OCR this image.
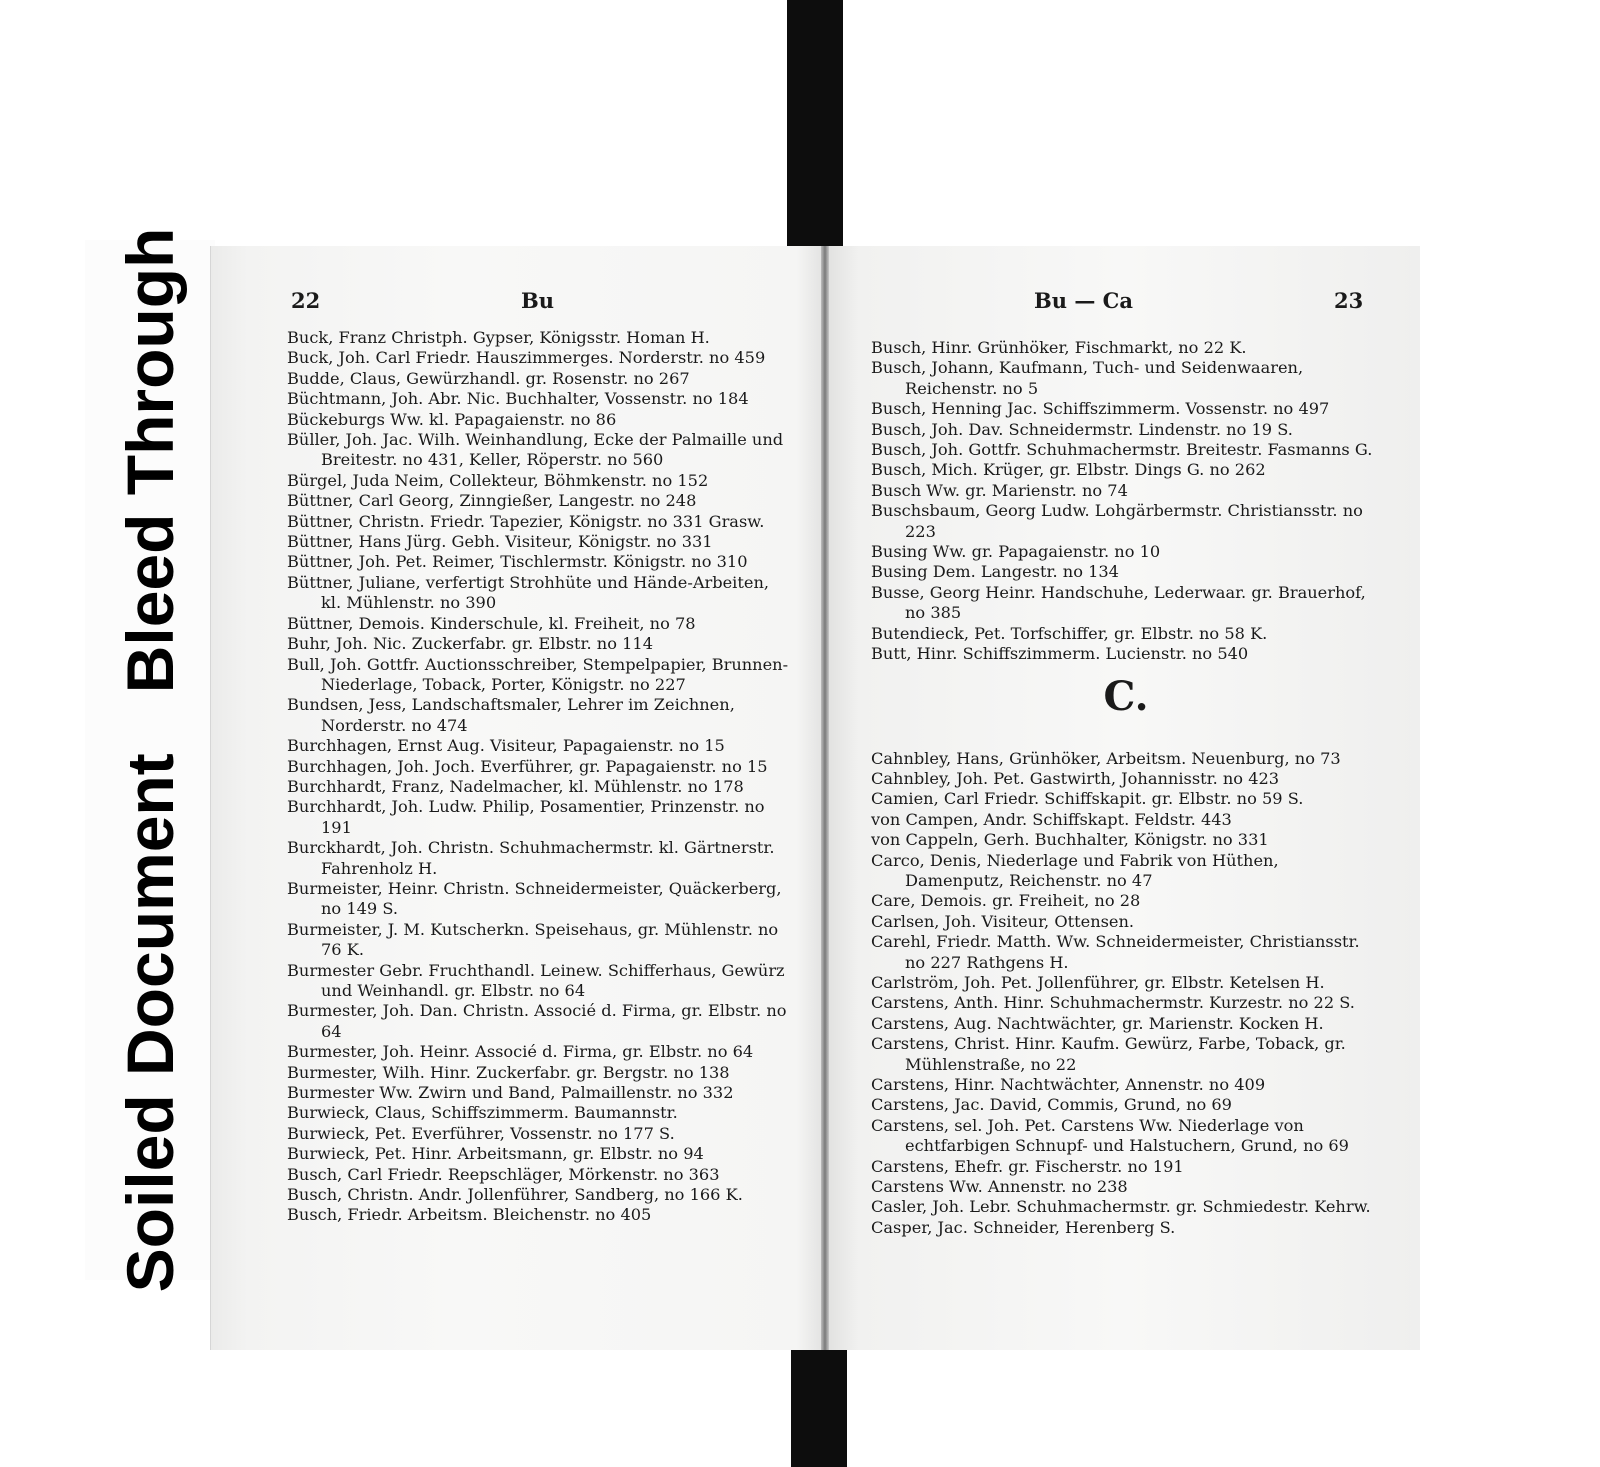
Soiled Document
Bleed Through	22	Bu
Buck, Franz Christph. Gypser, Königsstr. Homan H.
Buck, Joh. Carl Friedr. Hauszimmerges. Norderstr. no 459
Budde, Claus, Gewürzhandl. gr. Rosenstr. no 267
Büchtmann, Joh. Abr. Nic. Buchhalter, Vossenstr. no 184
Bückeburgs Ww. kl. Papagaienstr. no 86
Büller, Joh. Jac. Wilh. Weinhandlung, Ecke der Palmaille und Breitestr. no 431, Keller, Röperstr. no 560
Bürgel, Juda Neim, Collekteur, Böhmkenstr. no 152
Büttner, Carl Georg, Zinngießer, Langestr. no 248
Büttner, Christn. Friedr. Tapezier, Königstr. no 331 Grasw.
Büttner, Hans Jürg. Gebh. Visiteur, Königstr. no 331
Büttner, Joh. Pet. Reimer, Tischlermstr. Königstr. no 310
Büttner, Juliane, verfertigt Strohhüte und Hände-Arbeiten, kl. Mühlenstr. no 390
Büttner, Demois. Kinderschule, kl. Freiheit, no 78
Buhr, Joh. Nic. Zuckerfabr. gr. Elbstr. no 114
Bull, Joh. Gottfr. Auctionsschreiber, Stempelpapier, Brunnen-Niederlage, Toback, Porter, Königstr. no 227
Bundsen, Jess, Landschaftsmaler, Lehrer im Zeichnen, Norderstr. no 474
Burchhagen, Ernst Aug. Visiteur, Papagaienstr. no 15
Burchhagen, Joh. Joch. Everführer, gr. Papagaienstr. no 15
Burchhardt, Franz, Nadelmacher, kl. Mühlenstr. no 178
Burchhardt, Joh. Ludw. Philip, Posamentier, Prinzenstr. no 191
Burckhardt, Joh. Christn. Schuhmachermstr. kl. Gärtnerstr. Fahrenholz H.
Burmeister, Heinr. Christn. Schneidermeister, Quäckerberg, no 149 S.
Burmeister, J. M. Kutscherkn. Speisehaus, gr. Mühlenstr. no 76 K.
Burmester Gebr. Fruchthandl. Leinew. Schifferhaus, Gewürz und Weinhandl. gr. Elbstr. no 64
Burmester, Joh. Dan. Christn. Associé d. Firma, gr. Elbstr. no 64
Burmester, Joh. Heinr. Associé d. Firma, gr. Elbstr. no 64
Burmester, Wilh. Hinr. Zuckerfabr. gr. Bergstr. no 138
Burmester Ww. Zwirn und Band, Palmaillenstr. no 332
Burwieck, Claus, Schiffszimmerm. Baumannstr.
Burwieck, Pet. Everführer, Vossenstr. no 177 S.
Burwieck, Pet. Hinr. Arbeitsmann, gr. Elbstr. no 94
Busch, Carl Friedr. Reepschläger, Mörkenstr. no 363
Busch, Christn. Andr. Jollenführer, Sandberg, no 166 K.
Busch, Friedr. Arbeitsm. Bleichenstr. no 405
Bu — Ca	23
Busch, Hinr. Grünhöker, Fischmarkt, no 22 K.
Busch, Johann, Kaufmann, Tuch- und Seidenwaaren, Reichenstr. no 5
Busch, Henning Jac. Schiffszimmerm. Vossenstr. no 497
Busch, Joh. Dav. Schneidermstr. Lindenstr. no 19 S.
Busch, Joh. Gottfr. Schuhmachermstr. Breitestr. Fasmanns G.
Busch, Mich. Krüger, gr. Elbstr. Dings G. no 262
Busch Ww. gr. Marienstr. no 74
Buschsbaum, Georg Ludw. Lohgärbermstr. Christiansstr. no 223
Busing Ww. gr. Papagaienstr. no 10
Busing Dem. Langestr. no 134
Busse, Georg Heinr. Handschuhe, Lederwaar. gr. Brauerhof, no 385
Butendieck, Pet. Torfschiffer, gr. Elbstr. no 58 K.
Butt, Hinr. Schiffszimmerm. Lucienstr. no 540
C.
Cahnbley, Hans, Grünhöker, Arbeitsm. Neuenburg, no 73
Cahnbley, Joh. Pet. Gastwirth, Johannisstr. no 423
Camien, Carl Friedr. Schiffskapit. gr. Elbstr. no 59 S.
von Campen, Andr. Schiffskapt. Feldstr. 443
von Cappeln, Gerh. Buchhalter, Königstr. no 331
Carco, Denis, Niederlage und Fabrik von Hüthen, Damenputz, Reichenstr. no 47
Care, Demois. gr. Freiheit, no 28
Carlsen, Joh. Visiteur, Ottensen.
Carehl, Friedr. Matth. Ww. Schneidermeister, Christiansstr. no 227 Rathgens H.
Carlström, Joh. Pet. Jollenführer, gr. Elbstr. Ketelsen H.
Carstens, Anth. Hinr. Schuhmachermstr. Kurzestr. no 22 S.
Carstens, Aug. Nachtwächter, gr. Marienstr. Kocken H.
Carstens, Christ. Hinr. Kaufm. Gewürz, Farbe, Toback, gr. Mühlenstraße, no 22
Carstens, Hinr. Nachtwächter, Annenstr. no 409
Carstens, Jac. David, Commis, Grund, no 69
Carstens, sel. Joh. Pet. Carstens Ww. Niederlage von echtfarbigen Schnupf- und Halstuchern, Grund, no 69
Carstens, Ehefr. gr. Fischerstr. no 191
Carstens Ww. Annenstr. no 238
Casler, Joh. Lebr. Schuhmachermstr. gr. Schmiedestr. Kehrw.
Casper, Jac. Schneider, Herenberg S.
